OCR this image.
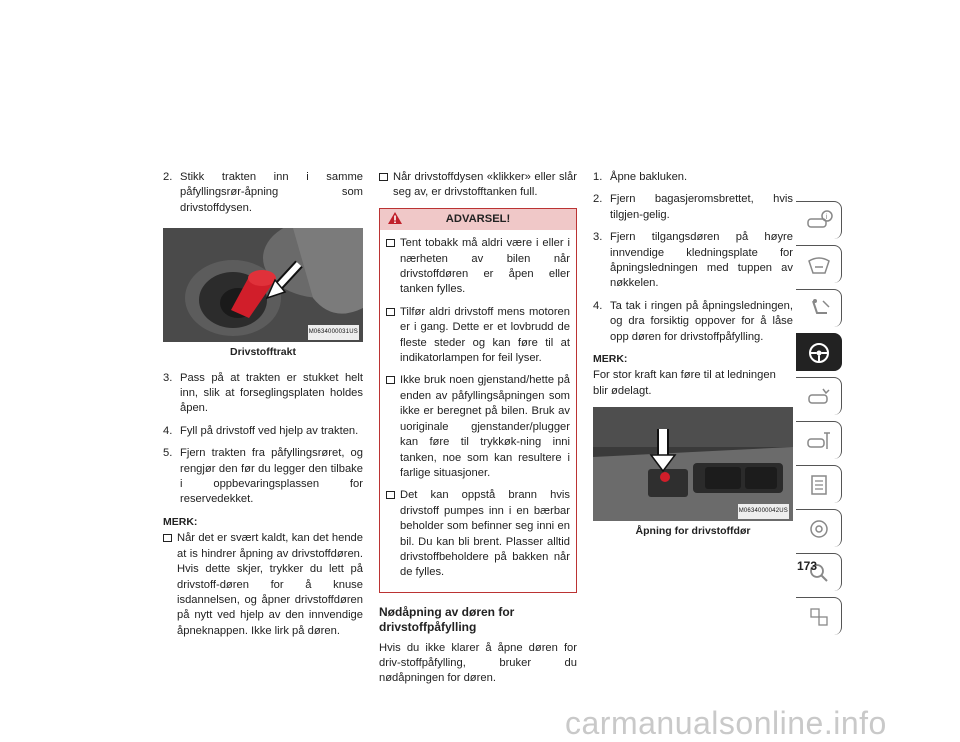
2. Stikk trakten inn i samme påfyllingsrør-åpning som drivstoffdysen.
M0634000031US
Drivstofftrakt
3. Pass på at trakten er stukket helt inn, slik at forseglingsplaten holdes åpen.
4. Fyll på drivstoff ved hjelp av trakten.
5. Fjern trakten fra påfyllingsrøret, og rengjør den før du legger den tilbake i oppbevaringsplassen for reservedekket.
MERK:
Når det er svært kaldt, kan det hende at is hindrer åpning av drivstoffdøren. Hvis dette skjer, trykker du lett på drivstoff-døren for å knuse isdannelsen, og åpner drivstoffdøren på nytt ved hjelp av den innvendige åpneknappen. Ikke lirk på døren.
Når drivstoffdysen «klikker» eller slår seg av, er drivstofftanken full.
ADVARSEL!
Tent tobakk må aldri være i eller i nærheten av bilen når drivstoffdøren er åpen eller tanken fylles.
Tilfør aldri drivstoff mens motoren er i gang. Dette er et lovbrudd de fleste steder og kan føre til at indikatorlampen for feil lyser.
Ikke bruk noen gjenstand/hette på enden av påfyllingsåpningen som ikke er beregnet på bilen. Bruk av uoriginale gjenstander/plugger kan føre til trykkøk-ning inni tanken, noe som kan resultere i farlige situasjoner.
Det kan oppstå brann hvis drivstoff pumpes inn i en bærbar beholder som befinner seg inni en bil. Du kan bli brent. Plasser alltid drivstoffbeholdere på bakken når de fylles.
Nødåpning av døren for drivstoffpåfylling

Hvis du ikke klarer å åpne døren for driv-stoffpåfylling, bruker du nødåpningen for døren.

1. Åpne bakluken.
2. Fjern bagasjeromsbrettet, hvis tilgjen-gelig.
3. Fjern tilgangsdøren på høyre innvendige kledningsplate for åpningsledningen med tuppen av nøkkelen.
4. Ta tak i ringen på åpningsledningen, og dra forsiktig oppover for å låse opp døren for drivstoffpåfylling.
MERK:

For stor kraft kan føre til at ledningen blir ødelagt.

M0634000042US
Åpning for drivstoffdør
i
173
carmanualsonline.info
